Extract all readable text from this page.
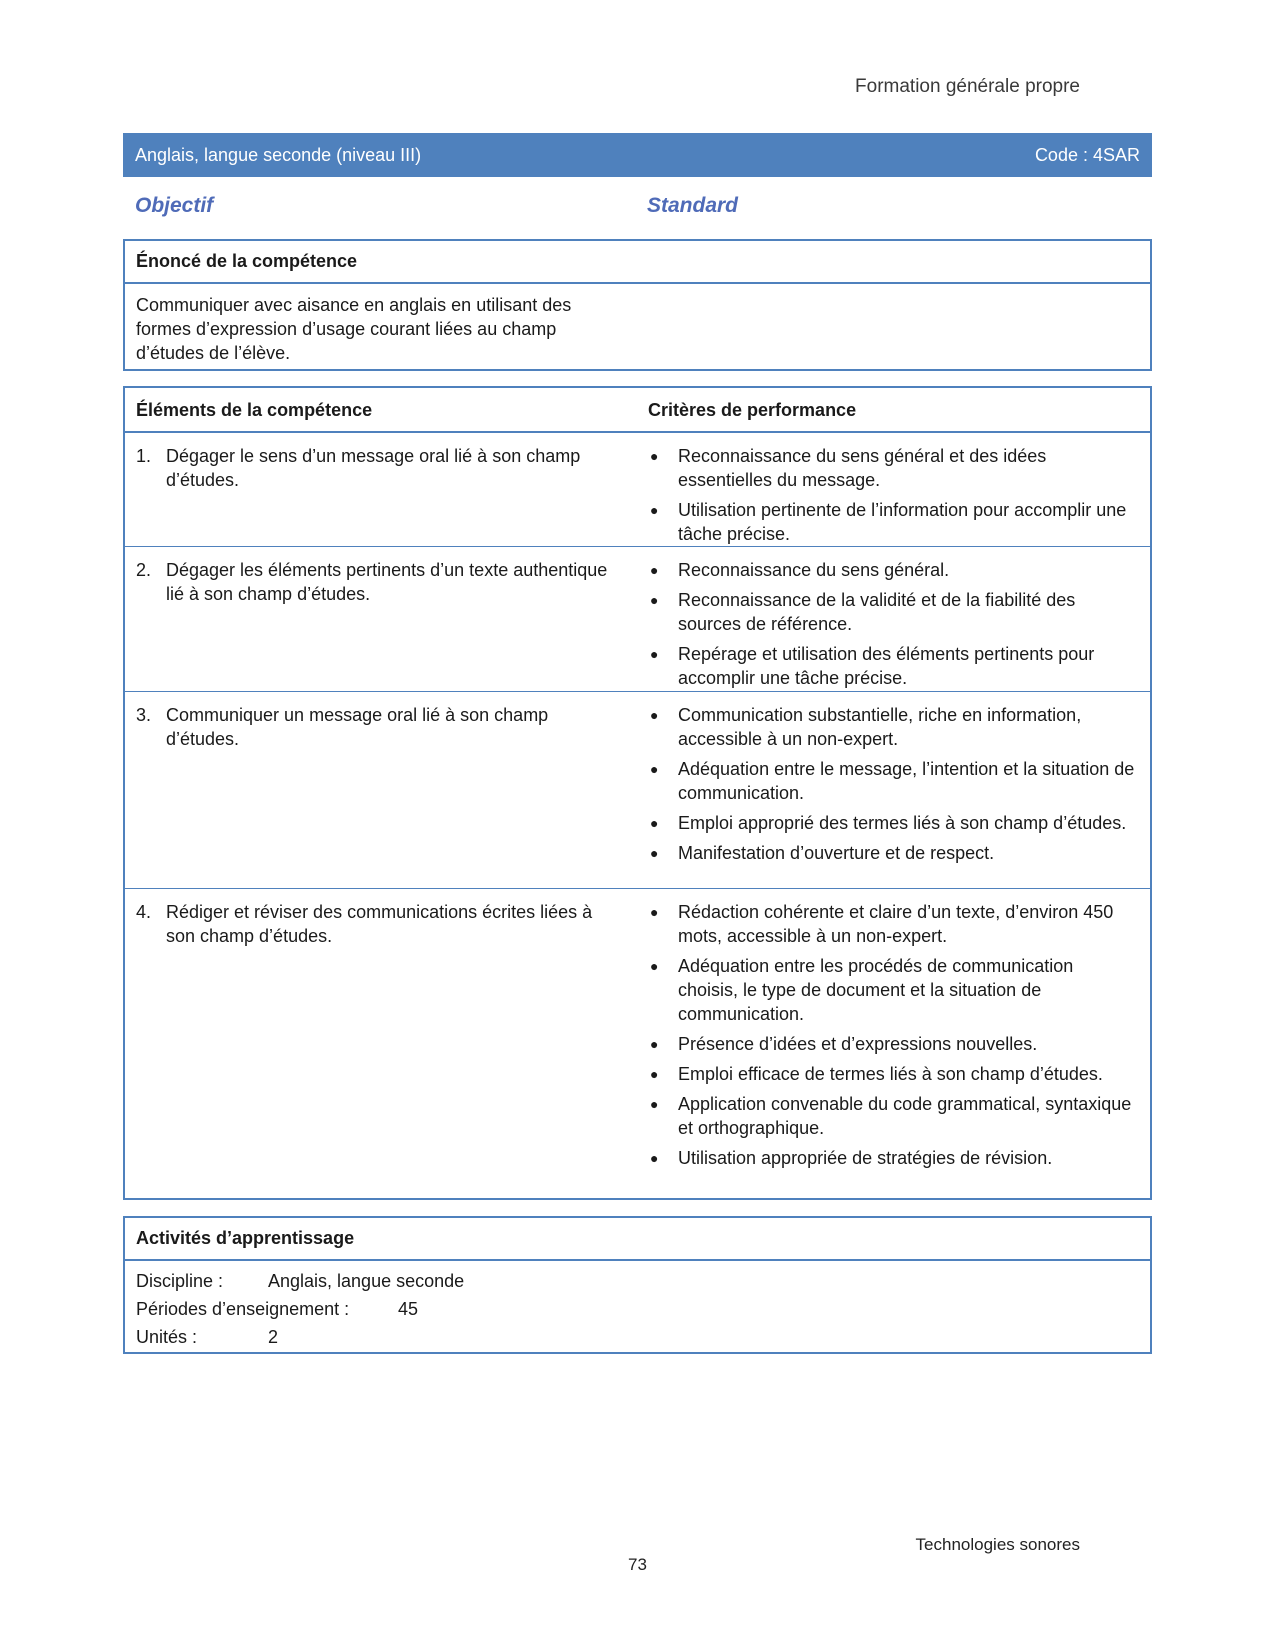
Formation générale propre
Anglais, langue seconde (niveau III)	Code : 4SAR
Objectif	Standard
Énoncé de la compétence

Communiquer avec aisance en anglais en utilisant des formes d’expression d’usage courant liées au champ d’études de l’élève.

Éléments de la compétence	Critères de performance
1. Dégager le sens d’un message oral lié à son champ d’études.
●	Reconnaissance du sens général et des idées essentielles du message.
●	Utilisation pertinente de l’information pour accomplir une tâche précise.
2. Dégager les éléments pertinents d’un texte authentique lié à son champ d’études.
●	Reconnaissance du sens général.
●	Reconnaissance de la validité et de la fiabilité des sources de référence.
●	Repérage et utilisation des éléments pertinents pour accomplir une tâche précise.
3. Communiquer un message oral lié à son champ d’études.
●	Communication substantielle, riche en information, accessible à un non-expert.
●	Adéquation entre le message, l’intention et la situation de communication.
●	Emploi approprié des termes liés à son champ d’études.
●	Manifestation d’ouverture et de respect.
4. Rédiger et réviser des communications écrites liées à son champ d’études.
●	Rédaction cohérente et claire d’un texte, d’environ 450 mots, accessible à un non-expert.
●	Adéquation entre les procédés de communication choisis, le type de document et la situation de communication.
●	Présence d’idées et d’expressions nouvelles.
●	Emploi efficace de termes liés à son champ d’études.
●	Application convenable du code grammatical, syntaxique et orthographique.
●	Utilisation appropriée de stratégies de révision.
Activités d’apprentissage
Discipline : Anglais, langue seconde
Périodes d’enseignement :	45
Unités :	2
Technologies sonores
73
